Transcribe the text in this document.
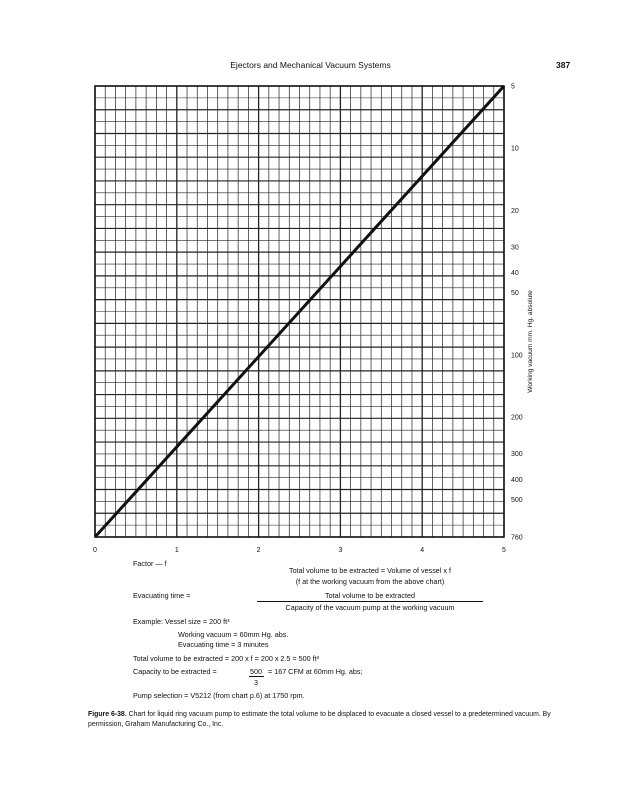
Ejectors and Mechanical Vacuum Systems	387
0	1	2	3	4	5
5
10
20
30
40
50
100
200
300
400
500
760
Working vacuum mm. Hg. absolute
Factor — f
Total volume to be extracted = Volume of vessel x f
(f at the working vacuum from the above chart)
Evacuating time =	Total volume to be extracted
Capacity of the vacuum pump at the working vacuum
Example: Vessel size = 200 ft³
Working vacuum = 60mm Hg. abs.
Evacuating time = 3 minutes
Total volume to be extracted = 200 x f = 200 x 2.5 = 500 ft³
Capacity to be extracted =	500 = 167 CFM at 60mm Hg. abs;
3
Pump selection = V5212 (from chart p.6) at 1750 rpm.
Figure 6-38. Chart for liquid ring vacuum pump to estimate the total volume to be displaced to evacuate a closed vessel to a predetermined vacuum. By permission, Graham Manufacturing Co., Inc.
